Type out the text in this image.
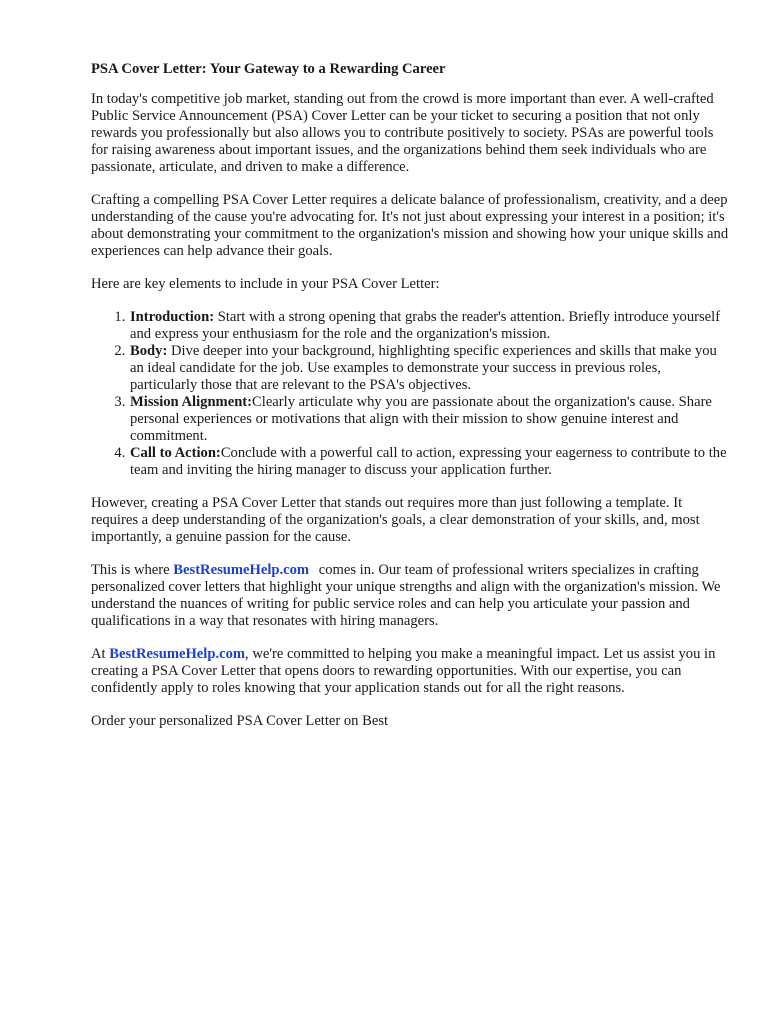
PSA Cover Letter: Your Gateway to a Rewarding Career

In today's competitive job market, standing out from the crowd is more important than ever. A well-crafted Public Service Announcement (PSA) Cover Letter can be your ticket to securing a position that not only rewards you professionally but also allows you to contribute positively to society. PSAs are powerful tools for raising awareness about important issues, and the organizations behind them seek individuals who are passionate, articulate, and driven to make a difference.

Crafting a compelling PSA Cover Letter requires a delicate balance of professionalism, creativity, and a deep understanding of the cause you're advocating for. It's not just about expressing your interest in a position; it's about demonstrating your commitment to the organization's mission and showing how your unique skills and experiences can help advance their goals.

Here are key elements to include in your PSA Cover Letter:

1. Introduction: Start with a strong opening that grabs the reader's attention. Briefly introduce yourself and express your enthusiasm for the role and the organization's mission.
2. Body: Dive deeper into your background, highlighting specific experiences and skills that make you an ideal candidate for the job. Use examples to demonstrate your success in previous roles, particularly those that are relevant to the PSA's objectives.
3. Mission Alignment:Clearly articulate why you are passionate about the organization's cause. Share personal experiences or motivations that align with their mission to show genuine interest and commitment.
4. Call to Action:Conclude with a powerful call to action, expressing your eagerness to contribute to the team and inviting the hiring manager to discuss your application further.

However, creating a PSA Cover Letter that stands out requires more than just following a template. It requires a deep understanding of the organization's goals, a clear demonstration of your skills, and, most importantly, a genuine passion for the cause.

This is where BestResumeHelp.com comes in. Our team of professional writers specializes in crafting personalized cover letters that highlight your unique strengths and align with the organization's mission. We understand the nuances of writing for public service roles and can help you articulate your passion and qualifications in a way that resonates with hiring managers.

At BestResumeHelp.com, we're committed to helping you make a meaningful impact. Let us assist you in creating a PSA Cover Letter that opens doors to rewarding opportunities. With our expertise, you can confidently apply to roles knowing that your application stands out for all the right reasons.

Order your personalized PSA Cover Letter on Best
